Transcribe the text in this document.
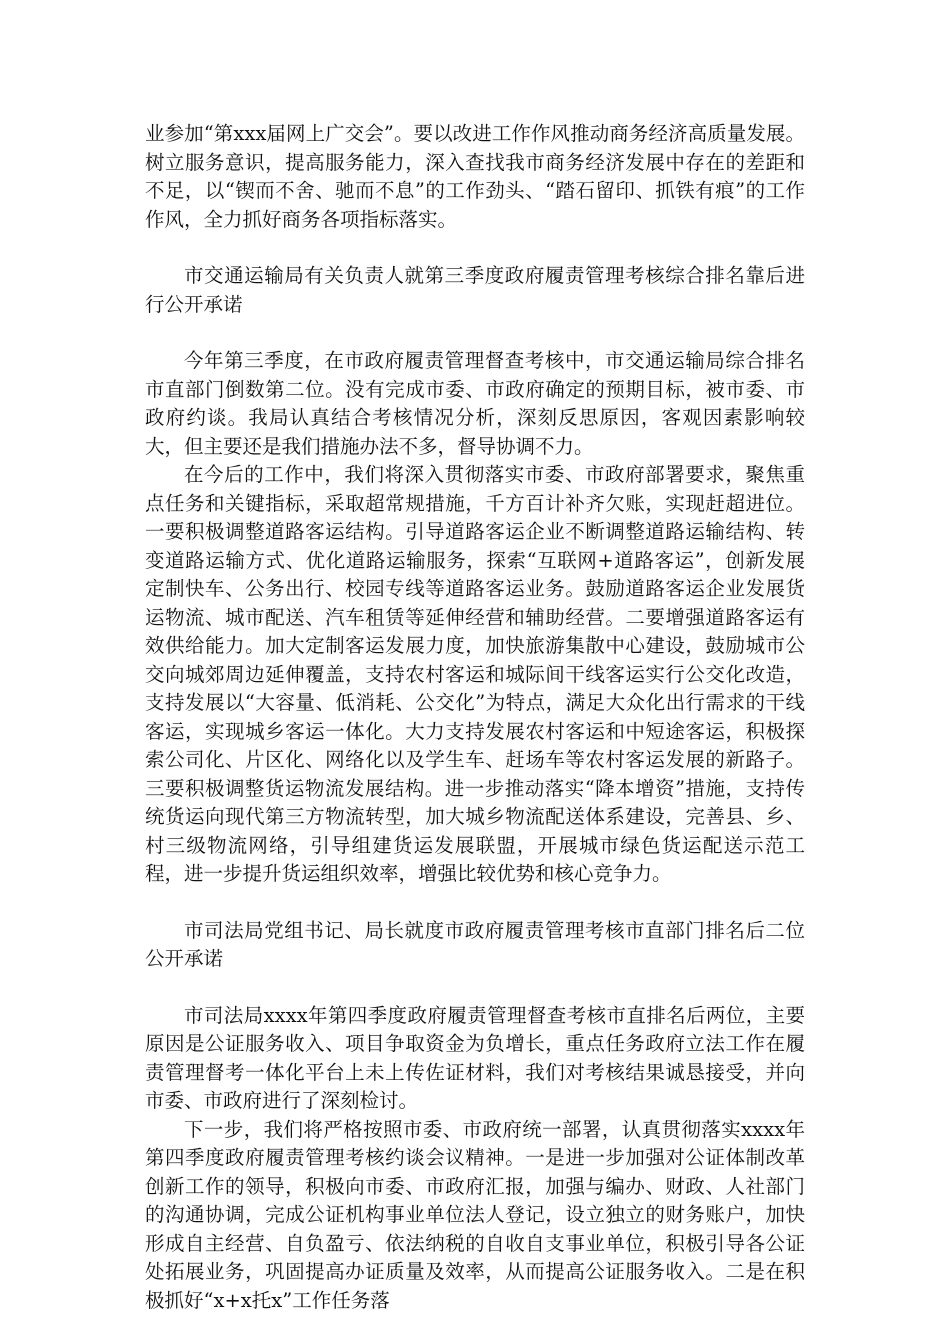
业参加“第xxx届网上广交会”。要以改进工作作风推动商务经济高质量发展。树立服务意识，提高服务能力，深入查找我市商务经济发展中存在的差距和不足，以“锲而不舍、驰而不息”的工作劲头、“踏石留印、抓铁有痕”的工作作风，全力抓好商务各项指标落实。

市交通运输局有关负责人就第三季度政府履责管理考核综合排名靠后进行公开承诺

今年第三季度，在市政府履责管理督查考核中，市交通运输局综合排名市直部门倒数第二位。没有完成市委、市政府确定的预期目标，被市委、市政府约谈。我局认真结合考核情况分析，深刻反思原因，客观因素影响较大，但主要还是我们措施办法不多，督导协调不力。

在今后的工作中，我们将深入贯彻落实市委、市政府部署要求，聚焦重点任务和关键指标，采取超常规措施，千方百计补齐欠账，实现赶超进位。一要积极调整道路客运结构。引导道路客运企业不断调整道路运输结构、转变道路运输方式、优化道路运输服务，探索“互联网+道路客运”，创新发展定制快车、公务出行、校园专线等道路客运业务。鼓励道路客运企业发展货运物流、城市配送、汽车租赁等延伸经营和辅助经营。二要增强道路客运有效供给能力。加大定制客运发展力度，加快旅游集散中心建设，鼓励城市公交向城郊周边延伸覆盖，支持农村客运和城际间干线客运实行公交化改造，支持发展以“大容量、低消耗、公交化”为特点，满足大众化出行需求的干线客运，实现城乡客运一体化。大力支持发展农村客运和中短途客运，积极探索公司化、片区化、网络化以及学生车、赶场车等农村客运发展的新路子。三要积极调整货运物流发展结构。进一步推动落实“降本增资”措施，支持传统货运向现代第三方物流转型，加大城乡物流配送体系建设，完善县、乡、村三级物流网络，引导组建货运发展联盟，开展城市绿色货运配送示范工程，进一步提升货运组织效率，增强比较优势和核心竞争力。

市司法局党组书记、局长就度市政府履责管理考核市直部门排名后二位公开承诺

市司法局xxxx年第四季度政府履责管理督查考核市直排名后两位，主要原因是公证服务收入、项目争取资金为负增长，重点任务政府立法工作在履责管理督考一体化平台上未上传佐证材料，我们对考核结果诚恳接受，并向市委、市政府进行了深刻检讨。

下一步，我们将严格按照市委、市政府统一部署，认真贯彻落实xxxx年第四季度政府履责管理考核约谈会议精神。一是进一步加强对公证体制改革创新工作的领导，积极向市委、市政府汇报，加强与编办、财政、人社部门的沟通协调，完成公证机构事业单位法人登记，设立独立的财务账户，加快形成自主经营、自负盈亏、依法纳税的自收自支事业单位，积极引导各公证处拓展业务，巩固提高办证质量及效率，从而提高公证服务收入。二是在积极抓好“x+x托x”工作任务落
